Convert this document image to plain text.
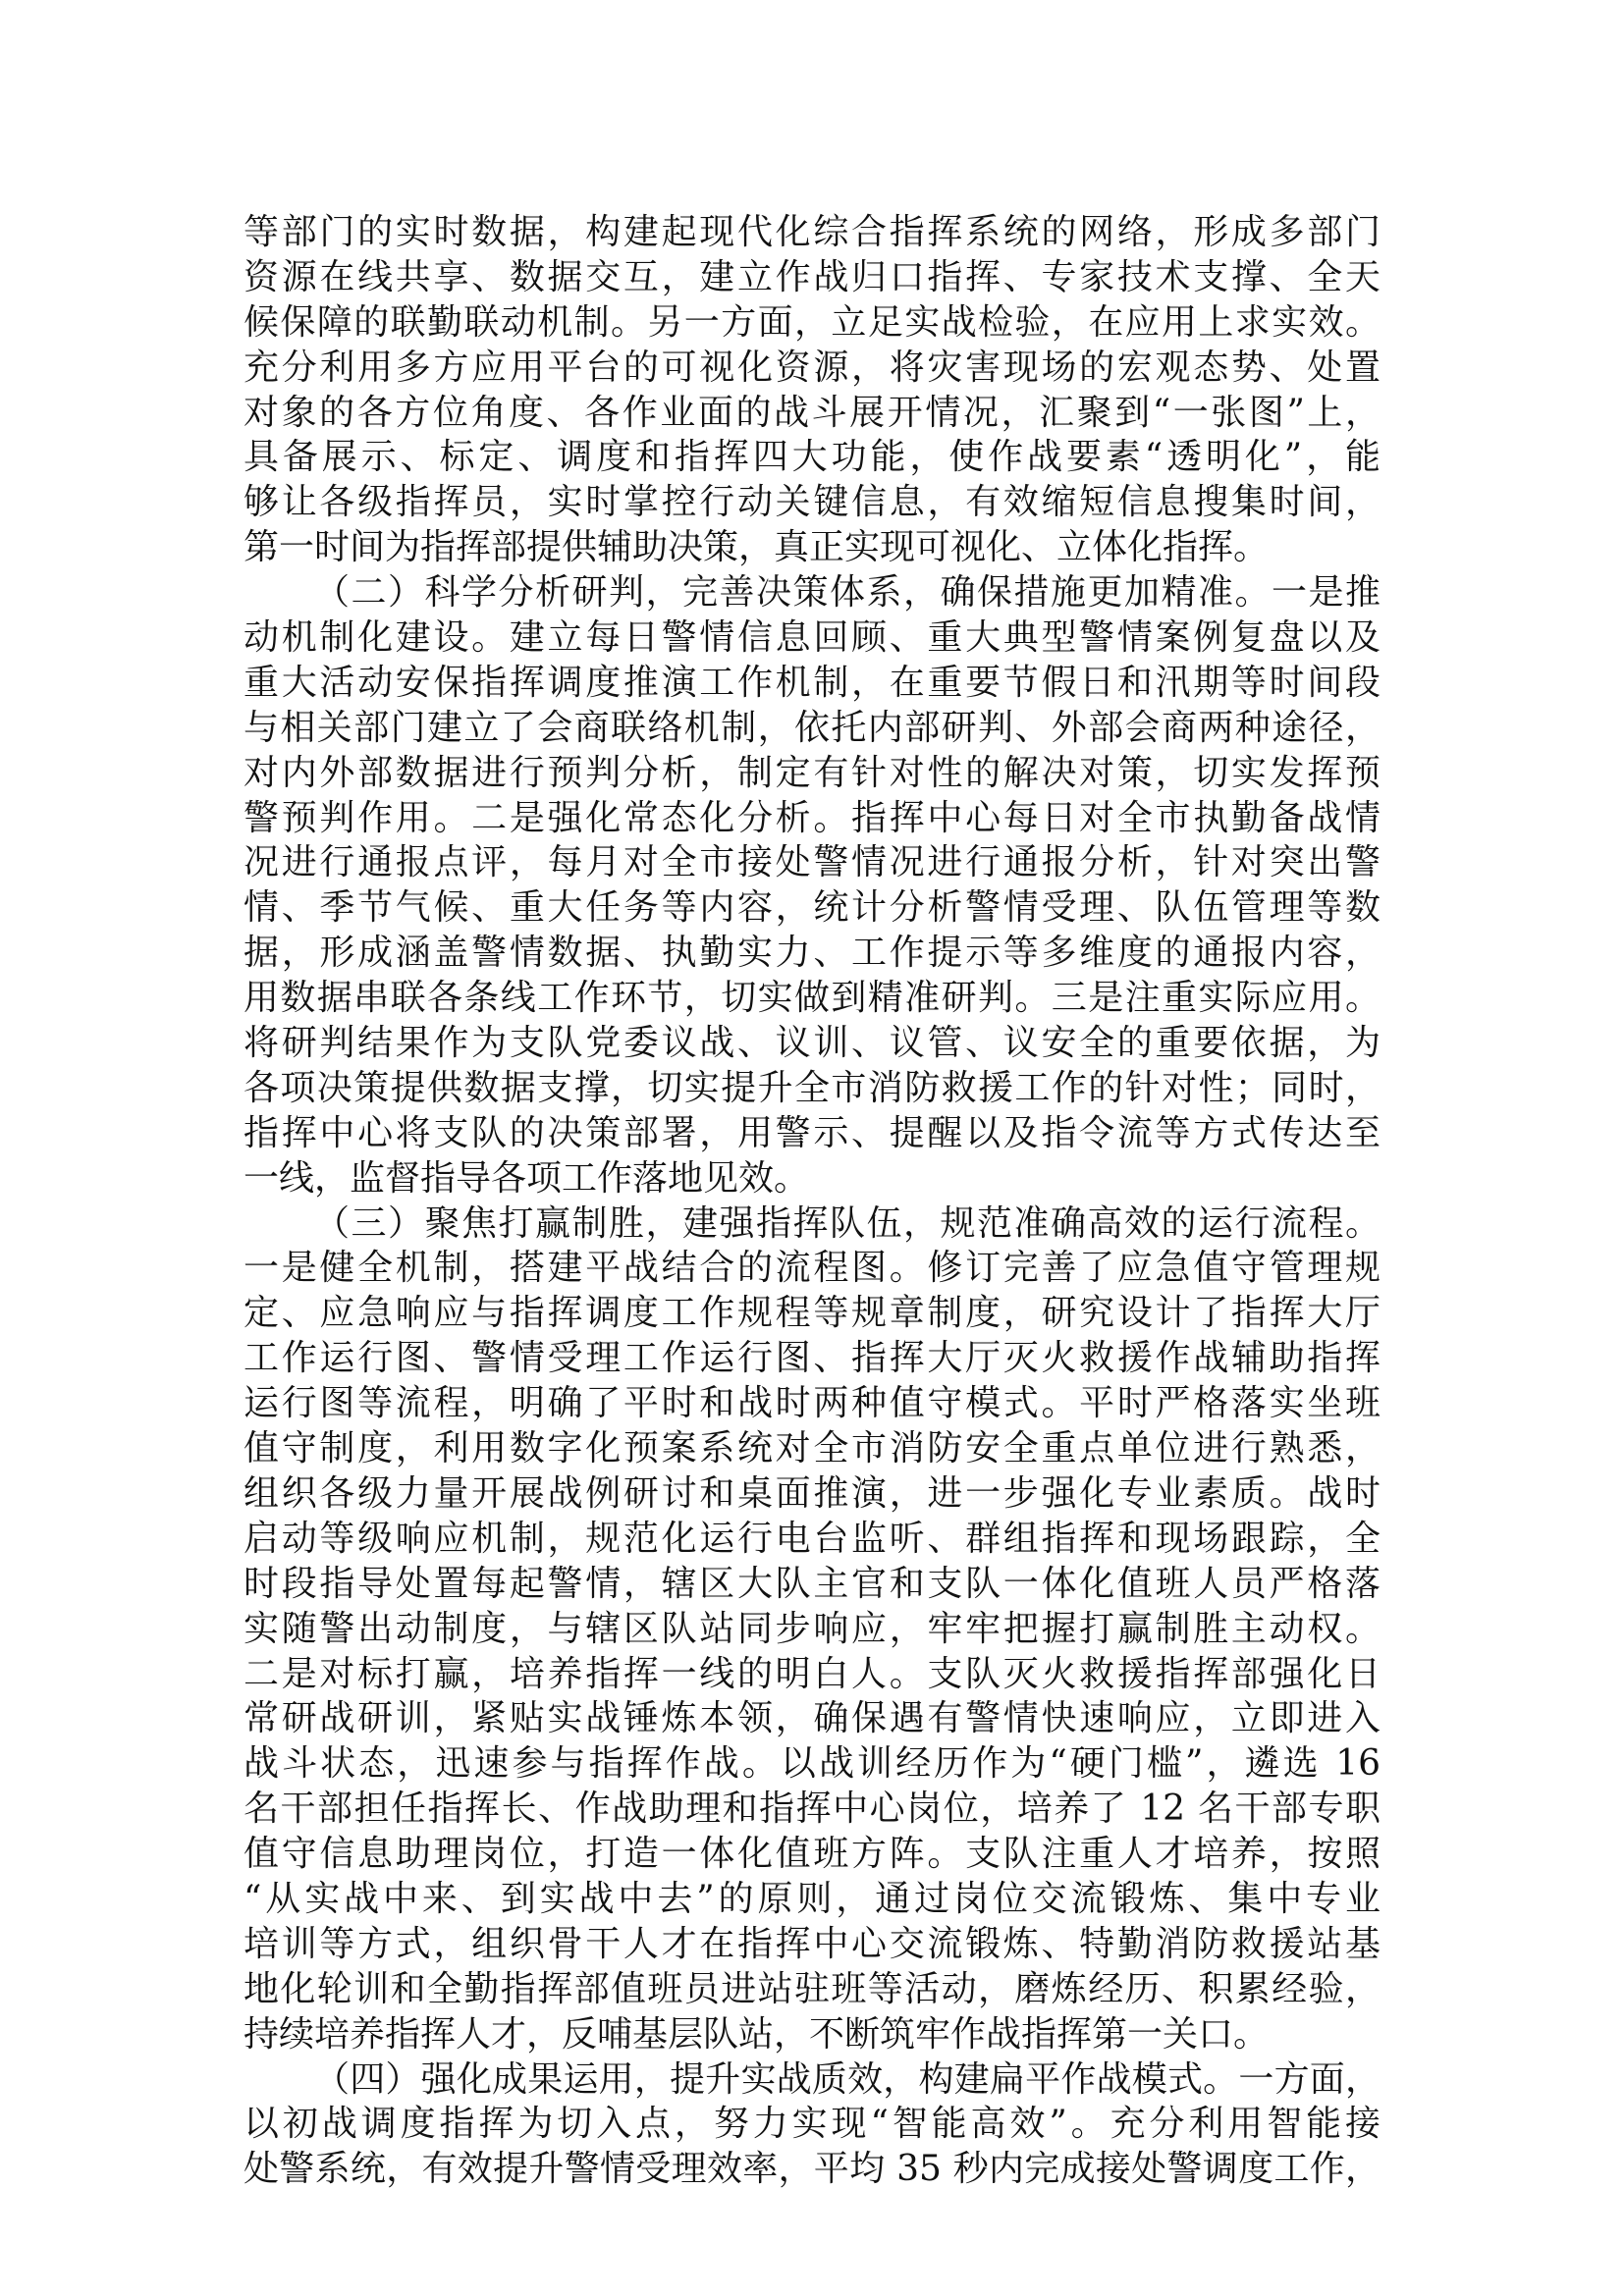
等部门的实时数据，构建起现代化综合指挥系统的网络，形成多部门
资源在线共享、数据交互，建立作战归口指挥、专家技术支撑、全天
候保障的联勤联动机制。另一方面，立足实战检验，在应用上求实效。
充分利用多方应用平台的可视化资源，将灾害现场的宏观态势、处置
对象的各方位角度、各作业面的战斗展开情况，汇聚到“一张图”上，
具备展示、标定、调度和指挥四大功能，使作战要素“透明化”，能
够让各级指挥员，实时掌控行动关键信息，有效缩短信息搜集时间，
第一时间为指挥部提供辅助决策，真正实现可视化、立体化指挥。
（二）科学分析研判，完善决策体系，确保措施更加精准。一是推
动机制化建设。建立每日警情信息回顾、重大典型警情案例复盘以及
重大活动安保指挥调度推演工作机制，在重要节假日和汛期等时间段
与相关部门建立了会商联络机制，依托内部研判、外部会商两种途径，
对内外部数据进行预判分析，制定有针对性的解决对策，切实发挥预
警预判作用。二是强化常态化分析。指挥中心每日对全市执勤备战情
况进行通报点评，每月对全市接处警情况进行通报分析，针对突出警
情、季节气候、重大任务等内容，统计分析警情受理、队伍管理等数
据，形成涵盖警情数据、执勤实力、工作提示等多维度的通报内容，
用数据串联各条线工作环节，切实做到精准研判。三是注重实际应用。
将研判结果作为支队党委议战、议训、议管、议安全的重要依据，为
各项决策提供数据支撑，切实提升全市消防救援工作的针对性；同时，
指挥中心将支队的决策部署，用警示、提醒以及指令流等方式传达至
一线，监督指导各项工作落地见效。
（三）聚焦打赢制胜，建强指挥队伍，规范准确高效的运行流程。
一是健全机制，搭建平战结合的流程图。修订完善了应急值守管理规
定、应急响应与指挥调度工作规程等规章制度，研究设计了指挥大厅
工作运行图、警情受理工作运行图、指挥大厅灭火救援作战辅助指挥
运行图等流程，明确了平时和战时两种值守模式。平时严格落实坐班
值守制度，利用数字化预案系统对全市消防安全重点单位进行熟悉，
组织各级力量开展战例研讨和桌面推演，进一步强化专业素质。战时
启动等级响应机制，规范化运行电台监听、群组指挥和现场跟踪，全
时段指导处置每起警情，辖区大队主官和支队一体化值班人员严格落
实随警出动制度，与辖区队站同步响应，牢牢把握打赢制胜主动权。
二是对标打赢，培养指挥一线的明白人。支队灭火救援指挥部强化日
常研战研训，紧贴实战锤炼本领，确保遇有警情快速响应，立即进入
战斗状态，迅速参与指挥作战。以战训经历作为“硬门槛”，遴选 16
名干部担任指挥长、作战助理和指挥中心岗位，培养了 12 名干部专职
值守信息助理岗位，打造一体化值班方阵。支队注重人才培养，按照
“从实战中来、到实战中去”的原则，通过岗位交流锻炼、集中专业
培训等方式，组织骨干人才在指挥中心交流锻炼、特勤消防救援站基
地化轮训和全勤指挥部值班员进站驻班等活动，磨炼经历、积累经验，
持续培养指挥人才，反哺基层队站，不断筑牢作战指挥第一关口。
（四）强化成果运用，提升实战质效，构建扁平作战模式。一方面，
以初战调度指挥为切入点，努力实现“智能高效”。充分利用智能接
处警系统，有效提升警情受理效率，平均 35 秒内完成接处警调度工作，
